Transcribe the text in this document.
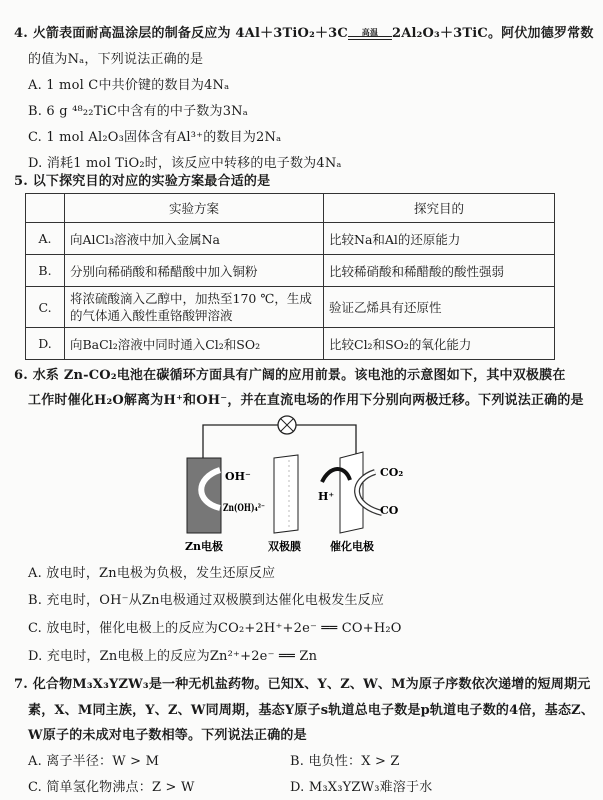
4. 火箭表面耐高温涂层的制备反应为 4Al＋3TiO₂＋3C	高温	2Al₂O₃＋3TiC。阿伏加德罗常数
的值为Nₐ，下列说法正确的是
A. 1 mol C中共价键的数目为4Nₐ
B. 6 g ⁴⁸₂₂TiC中含有的中子数为3Nₐ
C. 1 mol Al₂O₃固体含有Al³⁺的数目为2Nₐ
D. 消耗1 mol TiO₂时，该反应中转移的电子数为4Nₐ
5. 以下探究目的对应的实验方案最合适的是
	实验方案	探究目的
A.	向AlCl₃溶液中加入金属Na	比较Na和Al的还原能力
B.	分别向稀硝酸和稀醋酸中加入铜粉	比较稀硝酸和稀醋酸的酸性强弱
C.	将浓硫酸滴入乙醇中，加热至170 ℃，生成的气体通入酸性重铬酸钾溶液	验证乙烯具有还原性
D.	向BaCl₂溶液中同时通入Cl₂和SO₂	比较Cl₂和SO₂的氧化能力
6. 水系 Zn-CO₂电池在碳循环方面具有广阔的应用前景。该电池的示意图如下，其中双极膜在
工作时催化H₂O解离为H⁺和OH⁻，并在直流电场的作用下分别向两极迁移。下列说法正确的是
OH⁻
Zn(OH)₄²⁻
H⁺
CO₂
CO
Zn电极	双极膜	催化电极
A. 放电时，Zn电极为负极，发生还原反应
B. 充电时，OH⁻从Zn电极通过双极膜到达催化电极发生反应
C. 放电时，催化电极上的反应为CO₂+2H⁺+2e⁻ ══ CO+H₂O
D. 充电时，Zn电极上的反应为Zn²⁺+2e⁻ ══ Zn
7. 化合物M₃X₃YZW₃是一种无机盐药物。已知X、Y、Z、W、M为原子序数依次递增的短周期元
素，X、M同主族，Y、Z、W同周期，基态Y原子s轨道总电子数是p轨道电子数的4倍，基态Z、
W原子的未成对电子数相等。下列说法正确的是
A. 离子半径：W > M	B. 电负性：X > Z
C. 简单氢化物沸点：Z > W	D. M₃X₃YZW₃难溶于水
